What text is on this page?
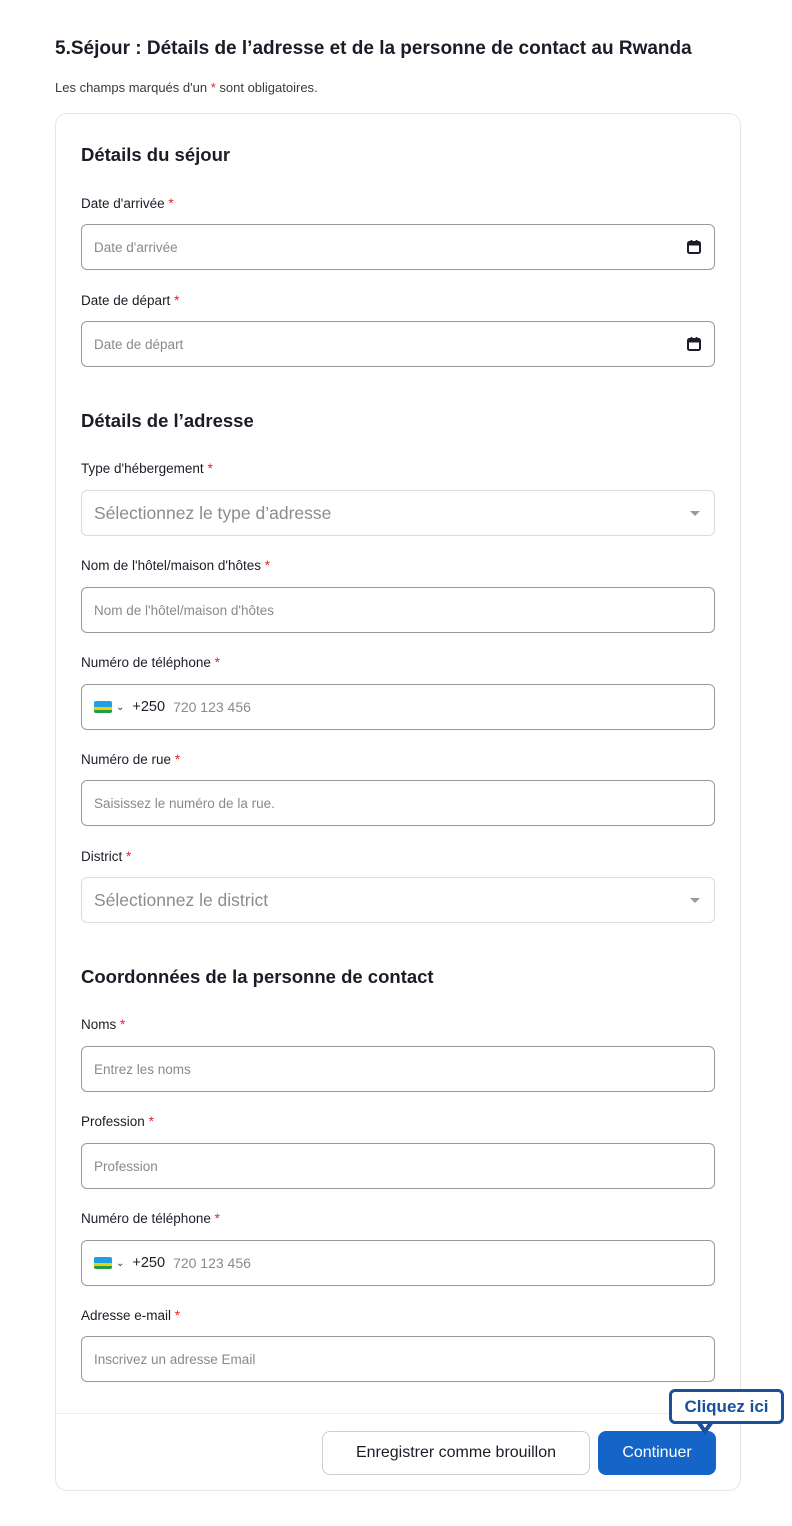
5.Séjour : Détails de l’adresse et de la personne de contact au Rwanda
Les champs marqués d'un * sont obligatoires.
Détails du séjour
Date d'arrivée *
Date d'arrivée
Date de départ *
Date de départ
Détails de l’adresse
Type d'hébergement *
Sélectionnez le type d’adresse
Nom de l'hôtel/maison d'hôtes *
Nom de l'hôtel/maison d'hôtes
Numéro de téléphone *
⌄ +250 720 123 456
Numéro de rue *
Saisissez le numéro de la rue.
District *
Sélectionnez le district
Coordonnées de la personne de contact
Noms *
Entrez les noms
Profession *
Profession
Numéro de téléphone *
⌄ +250 720 123 456
Adresse e-mail *
Inscrivez un adresse Email
Enregistrer comme brouillon	Continuer
Cliquez ici
